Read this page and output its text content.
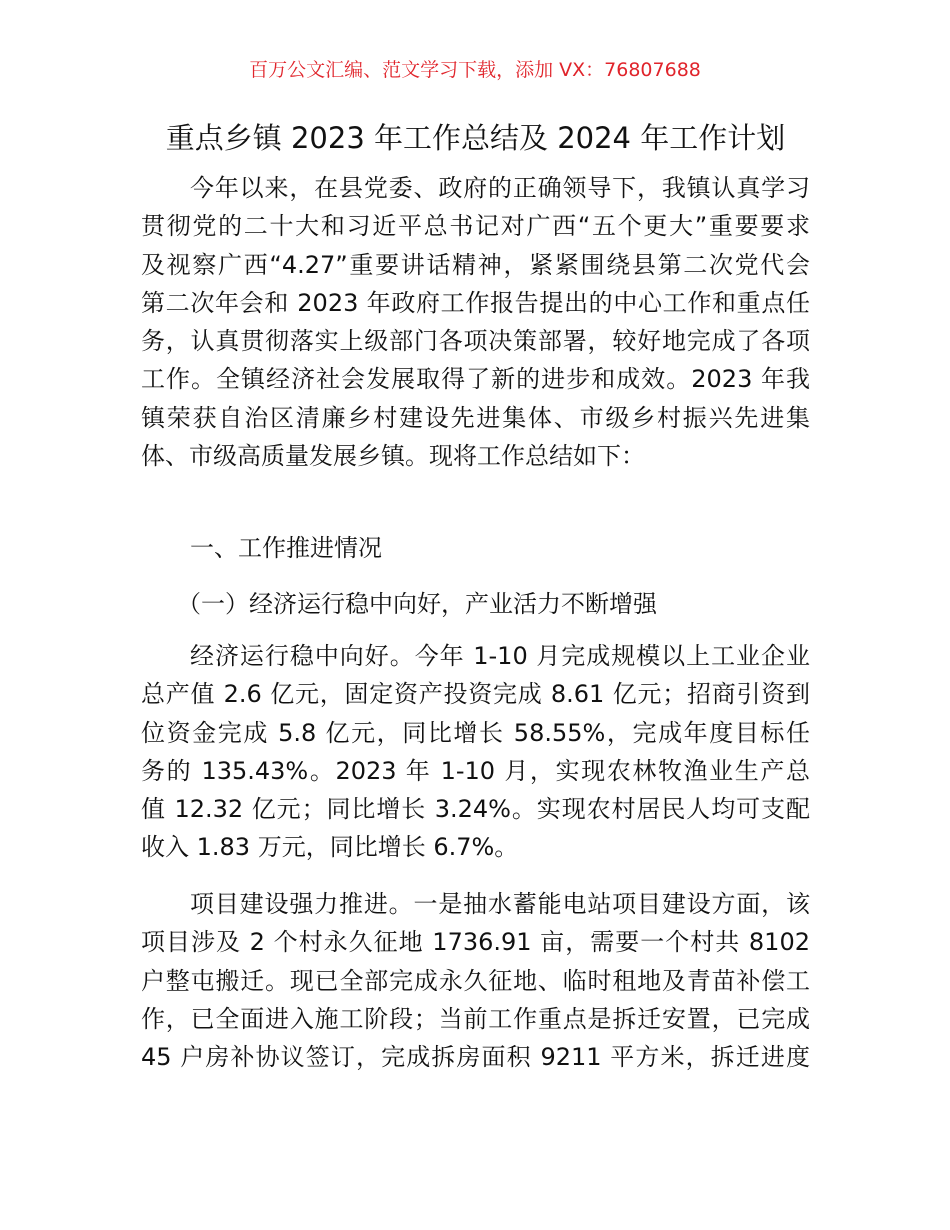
百万公文汇编、范文学习下载，添加 VX：76807688
重点乡镇 2023 年工作总结及 2024 年工作计划
今年以来，在县党委、政府的正确领导下，我镇认真学习
贯彻党的二十大和习近平总书记对广西“五个更大”重要要求
及视察广西“4.27”重要讲话精神，紧紧围绕县第二次党代会
第二次年会和 2023 年政府工作报告提出的中心工作和重点任
务，认真贯彻落实上级部门各项决策部署，较好地完成了各项
工作。全镇经济社会发展取得了新的进步和成效。2023 年我
镇荣获自治区清廉乡村建设先进集体、市级乡村振兴先进集
体、市级高质量发展乡镇。现将工作总结如下：
一、工作推进情况
（一）经济运行稳中向好，产业活力不断增强
经济运行稳中向好。今年 1-10 月完成规模以上工业企业
总产值 2.6 亿元，固定资产投资完成 8.61 亿元；招商引资到
位资金完成 5.8 亿元，同比增长 58.55%，完成年度目标任
务的 135.43%。2023 年 1-10 月，实现农林牧渔业生产总
值 12.32 亿元；同比增长 3.24%。实现农村居民人均可支配
收入 1.83 万元，同比增长 6.7%。
项目建设强力推进。一是抽水蓄能电站项目建设方面，该
项目涉及 2 个村永久征地 1736.91 亩，需要一个村共 8102
户整屯搬迁。现已全部完成永久征地、临时租地及青苗补偿工
作，已全面进入施工阶段；当前工作重点是拆迁安置，已完成
45 户房补协议签订，完成拆房面积 9211 平方米，拆迁进度
